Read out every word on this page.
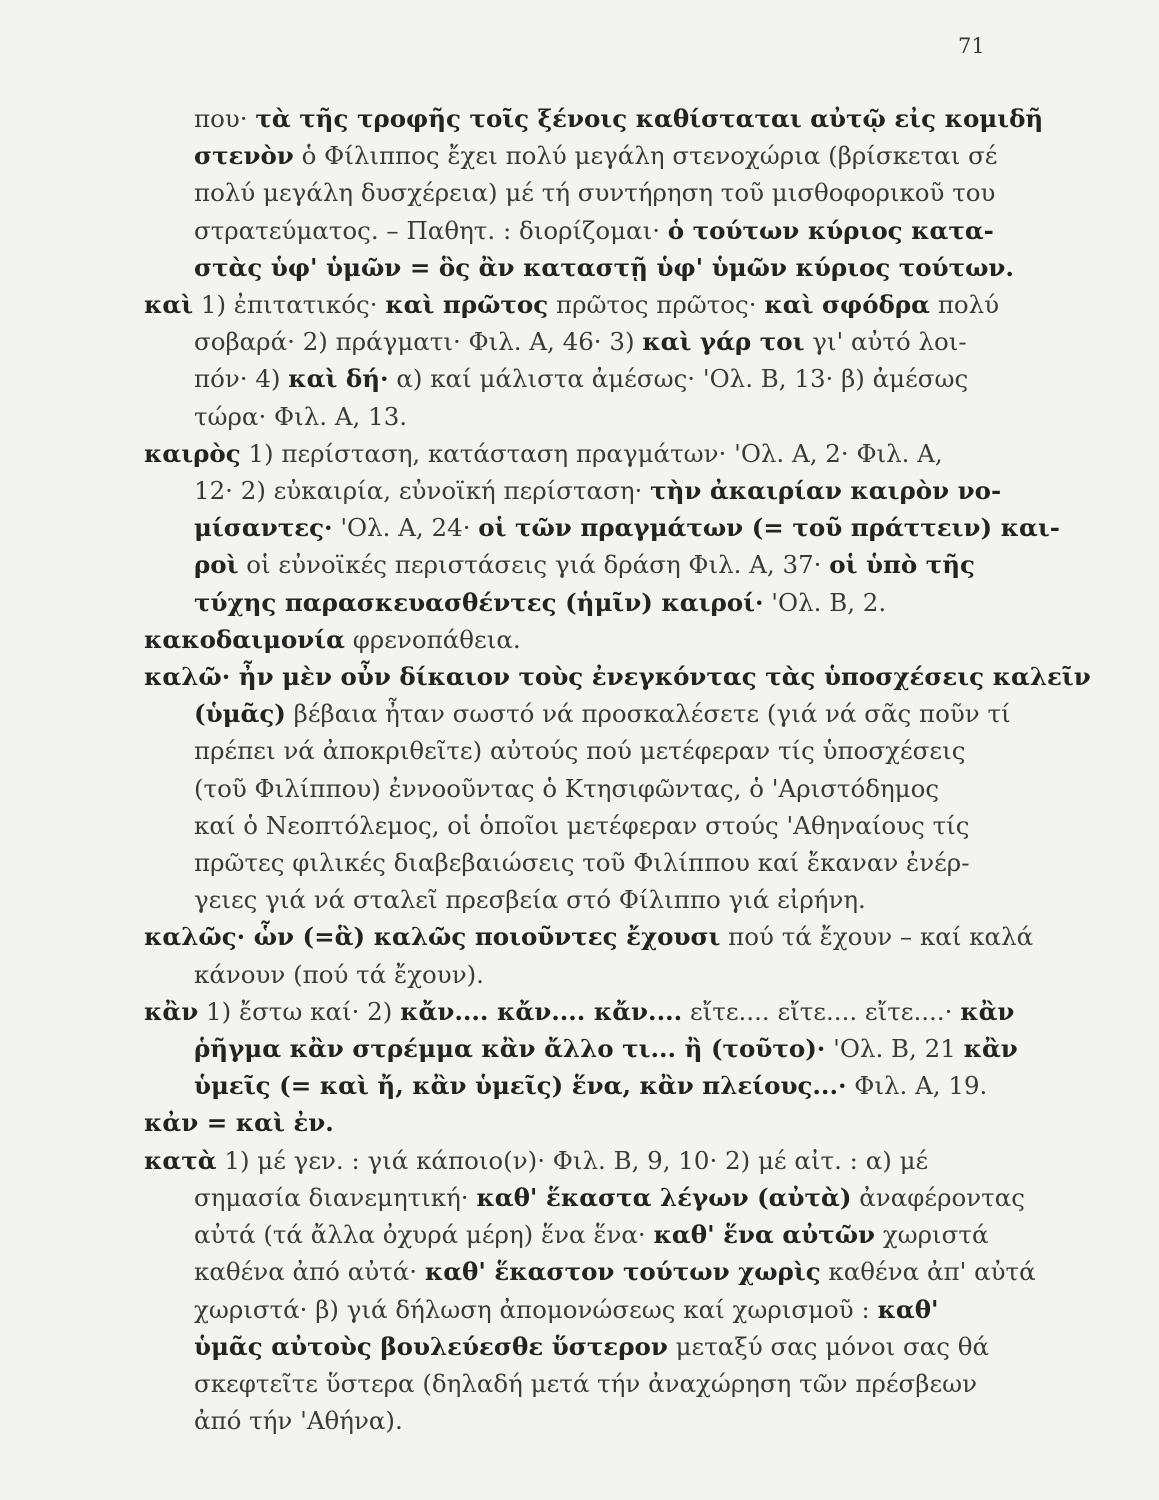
71
που· τὰ τῆς τροφῆς τοῖς ξένοις καθίσταται αὐτῷ εἰς κομιδῆ
στενὸν ὁ Φίλιππος ἔχει πολύ μεγάλη στενοχώρια (βρίσκεται σέ
πολύ μεγάλη δυσχέρεια) μέ τή συντήρηση τοῦ μισθοφορικοῦ του
στρατεύματος. – Παθητ. : διορίζομαι· ὁ τούτων κύριος κατα-
στὰς ὑφ' ὑμῶν = ὃς ἂν καταστῇ ὑφ' ὑμῶν κύριος τούτων.
καὶ 1) ἐπιτατικός· καὶ πρῶτος πρῶτος πρῶτος· καὶ σφόδρα πολύ
σοβαρά· 2) πράγματι· Φιλ. Α, 46· 3) καὶ γάρ τοι γι' αὐτό λοι-
πόν· 4) καὶ δή· α) καί μάλιστα ἀμέσως· 'Ολ. Β, 13· β) ἀμέσως
τώρα· Φιλ. Α, 13.
καιρὸς 1) περίσταση, κατάσταση πραγμάτων· 'Ολ. Α, 2· Φιλ. Α,
12· 2) εὐκαιρία, εὐνοϊκή περίσταση· τὴν ἀκαιρίαν καιρὸν νο-
μίσαντες· 'Ολ. Α, 24· οἱ τῶν πραγμάτων (= τοῦ πράττειν) και-
ροὶ οἱ εὐνοϊκές περιστάσεις γιά δράση Φιλ. Α, 37· οἱ ὑπὸ τῆς
τύχης παρασκευασθέντες (ἡμῖν) καιροί· 'Ολ. Β, 2.
κακοδαιμονία φρενοπάθεια.
καλῶ· ἦν μὲν οὖν δίκαιον τοὺς ἐνεγκόντας τὰς ὑποσχέσεις καλεῖν
(ὑμᾶς) βέβαια ἦταν σωστό νά προσκαλέσετε (γιά νά σᾶς ποῦν τί
πρέπει νά ἀποκριθεῖτε) αὐτούς πού μετέφεραν τίς ὑποσχέσεις
(τοῦ Φιλίππου) ἐννοοῦντας ὁ Κτησιφῶντας, ὁ 'Αριστόδημος
καί ὁ Νεοπτόλεμος, οἱ ὁποῖοι μετέφεραν στούς 'Αθηναίους τίς
πρῶτες φιλικές διαβεβαιώσεις τοῦ Φιλίππου καί ἔκαναν ἐνέρ-
γειες γιά νά σταλεῖ πρεσβεία στό Φίλιππο γιά εἰρήνη.
καλῶς· ὧν (=ἃ) καλῶς ποιοῦντες ἔχουσι πού τά ἔχουν – καί καλά
κάνουν (πού τά ἔχουν).
κἂν 1) ἔστω καί· 2) κἄν.... κἄν.... κἄν.... εἴτε.... εἴτε.... εἴτε....· κἂν
ῥῆγμα κἂν στρέμμα κἂν ἄλλο τι... ἢ (τοῦτο)· 'Ολ. Β, 21 κἂν
ὑμεῖς (= καὶ ἤ, κἂν ὑμεῖς) ἕνα, κἂν πλείους...· Φιλ. Α, 19.
κἀν = καὶ ἐν.
κατὰ 1) μέ γεν. : γιά κάποιο(ν)· Φιλ. Β, 9, 10· 2) μέ αἰτ. : α) μέ
σημασία διανεμητική· καθ' ἕκαστα λέγων (αὐτὰ) ἀναφέροντας
αὐτά (τά ἄλλα ὀχυρά μέρη) ἕνα ἕνα· καθ' ἕνα αὐτῶν χωριστά
καθένα ἀπό αὐτά· καθ' ἕκαστον τούτων χωρὶς καθένα ἀπ' αὐτά
χωριστά· β) γιά δήλωση ἀπομονώσεως καί χωρισμοῦ : καθ'
ὑμᾶς αὐτοὺς βουλεύεσθε ὕστερον μεταξύ σας μόνοι σας θά
σκεφτεῖτε ὕστερα (δηλαδή μετά τήν ἀναχώρηση τῶν πρέσβεων
ἀπό τήν 'Αθήνα).
